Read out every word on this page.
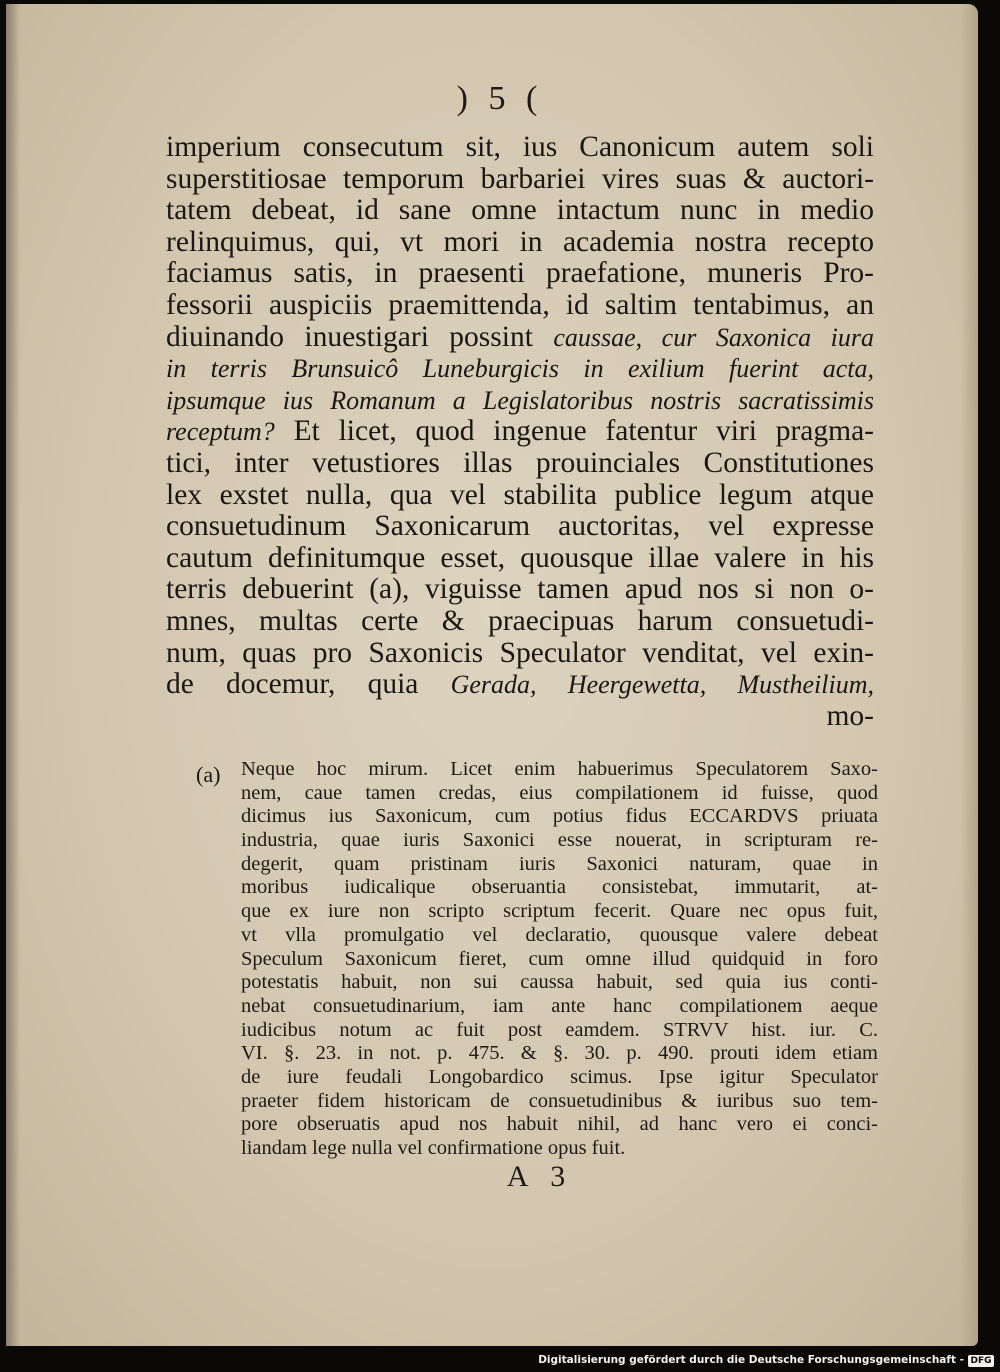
) 5 (
imperium consecutum sit, ius Canonicum autem soli
superstitiosae temporum barbariei vires suas & auctori-
tatem debeat, id sane omne intactum nunc in medio
relinquimus, qui, vt mori in academia nostra recepto
faciamus satis, in praesenti praefatione, muneris Pro-
fessorii auspiciis praemittenda, id saltim tentabimus, an
diuinando inuestigari possint caussae, cur Saxonica iura
in terris Brunsuicô Luneburgicis in exilium fuerint acta,
ipsumque ius Romanum a Legislatoribus nostris sacratissimis
receptum? Et licet, quod ingenue fatentur viri pragma-
tici, inter vetustiores illas prouinciales Constitutiones
lex exstet nulla, qua vel stabilita publice legum atque
consuetudinum Saxonicarum auctoritas, vel expresse
cautum definitumque esset, quousque illae valere in his
terris debuerint (a), viguisse tamen apud nos si non o-
mnes, multas certe & praecipuas harum consuetudi-
num, quas pro Saxonicis Speculator venditat, vel exin-
de docemur, quia Gerada, Heergewetta, Mustheilium,
mo-
(a) Neque hoc mirum. Licet enim habuerimus Speculatorem Saxo-
nem, caue tamen credas, eius compilationem id fuisse, quod
dicimus ius Saxonicum, cum potius fidus ECCARDVS priuata
industria, quae iuris Saxonici esse nouerat, in scripturam re-
degerit, quam pristinam iuris Saxonici naturam, quae in
moribus iudicalique obseruantia consistebat, immutarit, at-
que ex iure non scripto scriptum fecerit. Quare nec opus fuit,
vt vlla promulgatio vel declaratio, quousque valere debeat
Speculum Saxonicum fieret, cum omne illud quidquid in foro
potestatis habuit, non sui caussa habuit, sed quia ius conti-
nebat consuetudinarium, iam ante hanc compilationem aeque
iudicibus notum ac fuit post eamdem. STRVV hist. iur. C.
VI. §. 23. in not. p. 475. & §. 30. p. 490. prouti idem etiam
de iure feudali Longobardico scimus. Ipse igitur Speculator
praeter fidem historicam de consuetudinibus & iuribus suo tem-
pore obseruatis apud nos habuit nihil, ad hanc vero ei conci-
liandam lege nulla vel confirmatione opus fuit.
A 3
Digitalisierung gefördert durch die Deutsche Forschungsgemeinschaft - DFG
